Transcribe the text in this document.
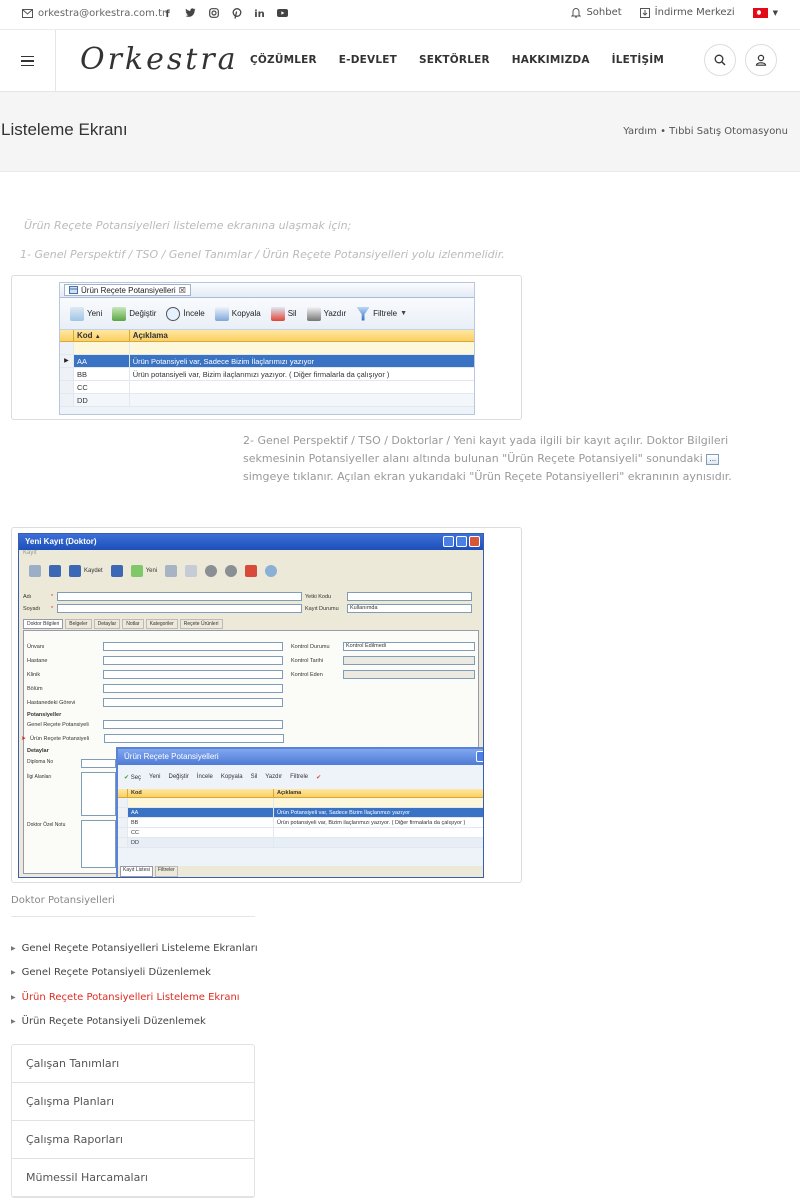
orkestra@orkestra.com.tr f	in	Sohbet	İndirme Merkezi	▼
Orkestra ÇÖZÜMLER E-DEVLET SEKTÖRLER HAKKIMIZDA İLETİŞİM
Listeleme Ekranı	Yardım • Tıbbi Satış Otomasyonu
Ürün Reçete Potansiyelleri listeleme ekranına ulaşmak için;
1- Genel Perspektif / TSO / Genel Tanımlar / Ürün Reçete Potansiyelleri yolu izlenmelidir.
Ürün Reçete Potansiyelleri ☒
Yeni	Değiştir	İncele	Kopyala	Sil	Yazdır	Filtrele ▼
Kod ▲	Açıklama
▶	AA	Ürün Potansiyeli var, Sadece Bizim İlaçlarımızı yazıyor
BB	Ürün potansiyeli var, Bizim ilaçlarımızı yazıyor. ( Diğer firmalarla da çalışıyor )
CC
DD
2- Genel Perspektif / TSO / Doktorlar / Yeni kayıt yada ilgili bir kayıt açılır. Doktor Bilgileri
sekmesinin Potansiyeller alanı altında bulunan "Ürün Reçete Potansiyeli" sonundaki ...
simgeye tıklanır. Açılan ekran yukarıdaki "Ürün Reçete Potansiyelleri" ekranının aynısıdır.
Yeni Kayıt (Doktor)
Kayıt
Kaydet	Yeni
Adı	*
Soyadı	*
Yetki Kodu
Kayıt Durumu	Kullanımda
Doktor Bilgileri	Belgeler	Detaylar	Notlar	Kategoriler	Reçete Ürünleri
Ünvanı
Hastane
Klinik
Bölüm
Hastanedeki Görevi
Kontrol Durumu	Kontrol Edilmedi
Kontrol Tarihi
Kontrol Eden
Potansiyeller
Genel Reçete Potansiyeli
➤ Ürün Reçete Potansiyeli
Detaylar
Diploma No
İlgi Alanları
Doktor Özel Notu
Ürün Reçete Potansiyelleri
✔ Seç Yeni Değiştir İncele Kopyala Sil Yazdır Filtrele ✔
Kod	Açıklama
AA	Ürün Potansiyeli var, Sadece Bizim İlaçlarımızı yazıyor
BB	Ürün potansiyeli var, Bizim ilaçlarımızı yazıyor. ( Diğer firmalarla da çalışıyor )
CC
DD
Kayıt Listesi	Filtreler
Doktor Potansiyelleri
▶ Genel Reçete Potansiyelleri Listeleme Ekranları
▶ Genel Reçete Potansiyeli Düzenlemek
▶ Ürün Reçete Potansiyelleri Listeleme Ekranı
▶ Ürün Reçete Potansiyeli Düzenlemek
Çalışan Tanımları
Çalışma Planları
Çalışma Raporları
Mümessil Harcamaları
